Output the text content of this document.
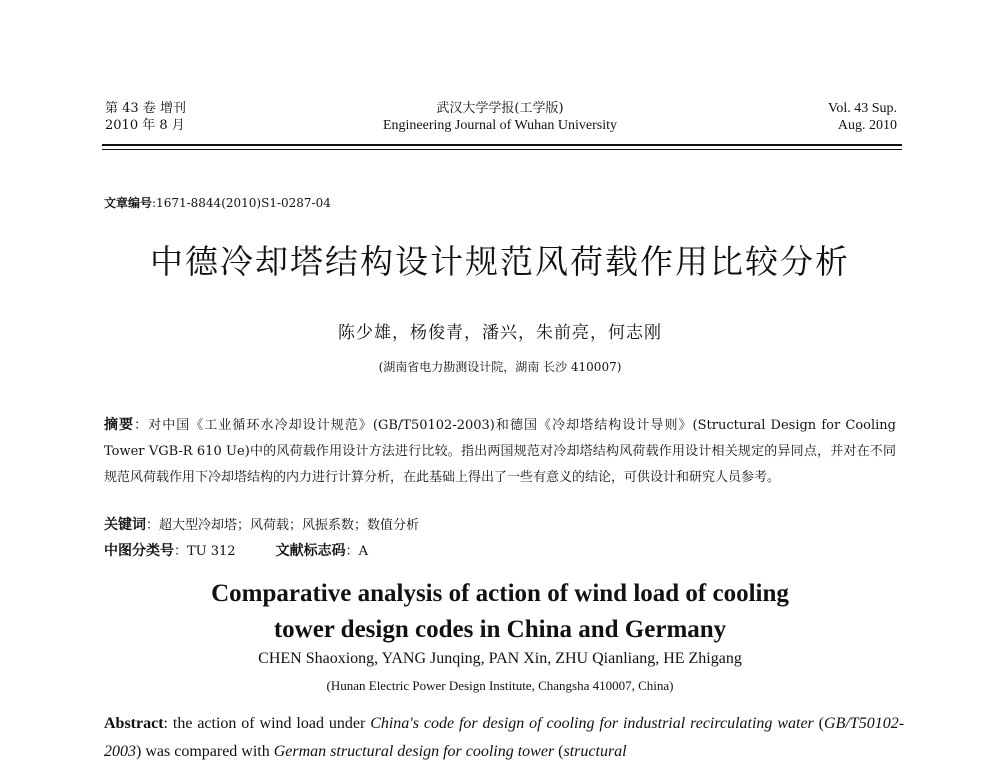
第 43 卷 增刊
2010 年 8 月
武汉大学学报(工学版)
Engineering Journal of Wuhan University
Vol. 43 Sup.
Aug. 2010
文章编号:1671-8844(2010)S1-0287-04
中德冷却塔结构设计规范风荷载作用比较分析
陈少雄，杨俊青，潘兴，朱前亮，何志刚
(湖南省电力勘测设计院，湖南 长沙 410007)
摘要：对中国《工业循环水冷却设计规范》(GB/T50102-2003)和德国《冷却塔结构设计导则》(Structural Design for Cooling Tower VGB-R 610 Ue)中的风荷载作用设计方法进行比较。指出两国规范对冷却塔结构风荷载作用设计相关规定的异同点，并对在不同规范风荷载作用下冷却塔结构的内力进行计算分析，在此基础上得出了一些有意义的结论，可供设计和研究人员参考。
关键词：超大型冷却塔；风荷载；风振系数；数值分析
中图分类号：TU 312	文献标志码：A
Comparative analysis of action of wind load of cooling
tower design codes in China and Germany
CHEN Shaoxiong, YANG Junqing, PAN Xin, ZHU Qianliang, HE Zhigang
(Hunan Electric Power Design Institute, Changsha 410007, China)
Abstract: the action of wind load under China's code for design of cooling for industrial recirculating water (GB/T50102-2003) was compared with German structural design for cooling tower (structural
